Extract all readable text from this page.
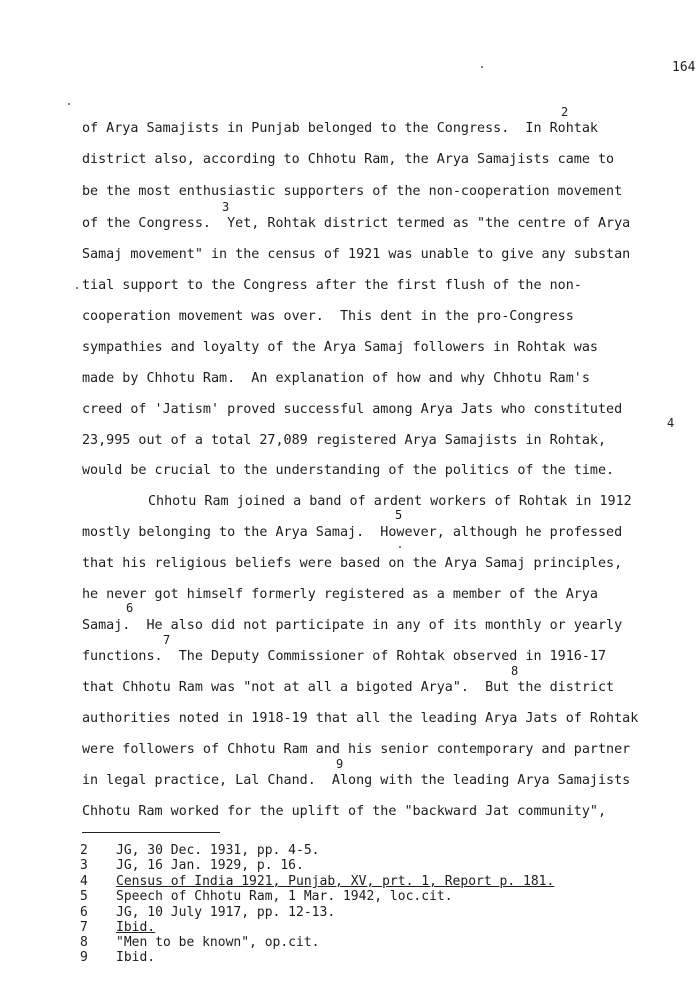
164
of Arya Samajists in Punjab belonged to the Congress.  In Rohtak
district also, according to Chhotu Ram, the Arya Samajists came to
be the most enthusiastic supporters of the non-cooperation movement
of the Congress.  Yet, Rohtak district termed as "the centre of Arya
Samaj movement" in the census of 1921 was unable to give any substan
tial support to the Congress after the first flush of the non-
cooperation movement was over.  This dent in the pro-Congress
sympathies and loyalty of the Arya Samaj followers in Rohtak was
made by Chhotu Ram.  An explanation of how and why Chhotu Ram's
creed of 'Jatism' proved successful among Arya Jats who constituted
23,995 out of a total 27,089 registered Arya Samajists in Rohtak,
would be crucial to the understanding of the politics of the time.
Chhotu Ram joined a band of ardent workers of Rohtak in 1912
mostly belonging to the Arya Samaj.  However, although he professed
that his religious beliefs were based on the Arya Samaj principles,
he never got himself formerly registered as a member of the Arya
Samaj.  He also did not participate in any of its monthly or yearly
functions.  The Deputy Commissioner of Rohtak observed in 1916-17
that Chhotu Ram was "not at all a bigoted Arya".  But the district
authorities noted in 1918-19 that all the leading Arya Jats of Rohtak
were followers of Chhotu Ram and his senior contemporary and partner
in legal practice, Lal Chand.  Along with the leading Arya Samajists
Chhotu Ram worked for the uplift of the "backward Jat community",
2
3
4
5
6
7
8
9

2

	JG, 30 Dec. 1931, pp. 4-5.

3

	JG, 16 Jan. 1929, p. 16.

4

	Census of India 1921, Punjab, XV, prt. 1, Report p. 181.

5

	Speech of Chhotu Ram, 1 Mar. 1942, loc.cit.

6

	JG, 10 July 1917, pp. 12-13.

7

	Ibid.

8

	"Men to be known", op.cit.

9

	Ibid.
